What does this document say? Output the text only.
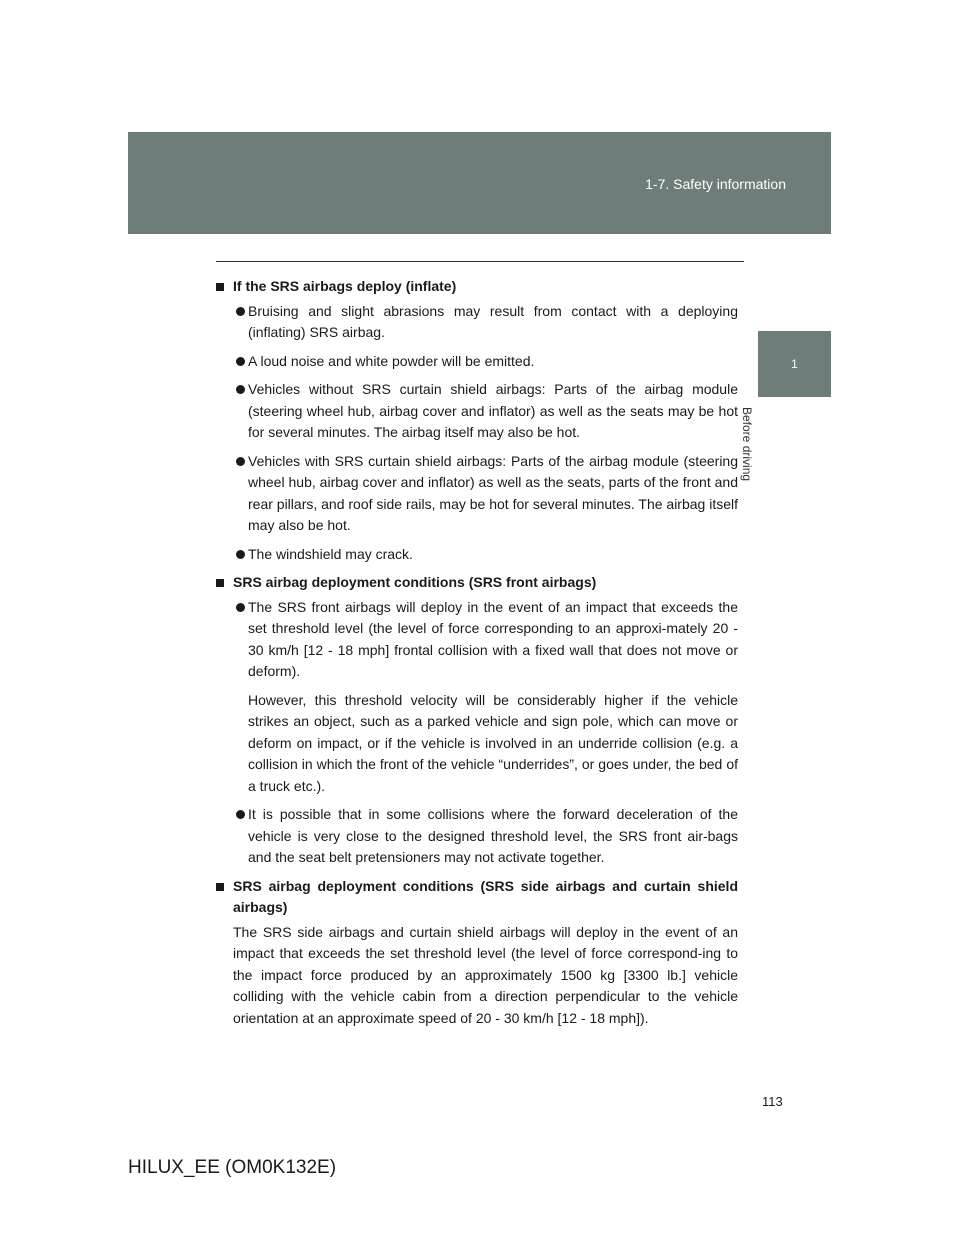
1-7. Safety information
1
Before driving
If the SRS airbags deploy (inflate)
Bruising and slight abrasions may result from contact with a deploying (inflating) SRS airbag.
A loud noise and white powder will be emitted.
Vehicles without SRS curtain shield airbags: Parts of the airbag module (steering wheel hub, airbag cover and inflator) as well as the seats may be hot for several minutes. The airbag itself may also be hot.
Vehicles with SRS curtain shield airbags: Parts of the airbag module (steering wheel hub, airbag cover and inflator) as well as the seats, parts of the front and rear pillars, and roof side rails, may be hot for several minutes. The airbag itself may also be hot.
The windshield may crack.
SRS airbag deployment conditions (SRS front airbags)
The SRS front airbags will deploy in the event of an impact that exceeds the set threshold level (the level of force corresponding to an approxi-mately 20 - 30 km/h [12 - 18 mph] frontal collision with a fixed wall that does not move or deform).
However, this threshold velocity will be considerably higher if the vehicle strikes an object, such as a parked vehicle and sign pole, which can move or deform on impact, or if the vehicle is involved in an underride collision (e.g. a collision in which the front of the vehicle “underrides”, or goes under, the bed of a truck etc.).
It is possible that in some collisions where the forward deceleration of the vehicle is very close to the designed threshold level, the SRS front air-bags and the seat belt pretensioners may not activate together.
SRS airbag deployment conditions (SRS side airbags and curtain shield airbags)
The SRS side airbags and curtain shield airbags will deploy in the event of an impact that exceeds the set threshold level (the level of force correspond-ing to the impact force produced by an approximately 1500 kg [3300 lb.] vehicle colliding with the vehicle cabin from a direction perpendicular to the vehicle orientation at an approximate speed of 20 - 30 km/h [12 - 18 mph]).
113
HILUX_EE (OM0K132E)
